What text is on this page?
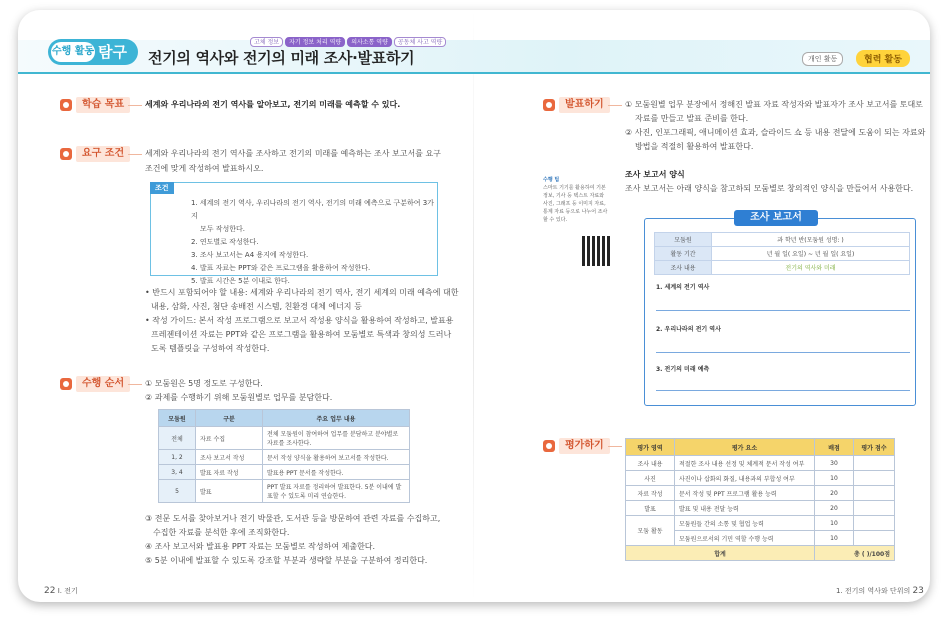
수행 활동 탐구 전기의 역사와 전기의 미래 조사·발표하기
고체 정보	자기 정보 처리 역량	의사소통 역량	공동체 사고 역량
개인 활동	협력 활동
학습 목표	세계와 우리나라의 전기 역사를 알아보고, 전기의 미래를 예측할 수 있다.
요구 조건	세계와 우리나라의 전기 역사를 조사하고 전기의 미래를 예측하는 조사 보고서를 요구
조건에 맞게 작성하여 발표하시오.
조건
1. 세계의 전기 역사, 우리나라의 전기 역사, 전기의 미래 예측으로 구분하여 3가지
모두 작성한다.
2. 연도별로 작성한다.
3. 조사 보고서는 A4 용지에 작성한다.
4. 발표 자료는 PPT와 같은 프로그램을 활용하여 작성한다.
5. 발표 시간은 5분 이내로 한다.
• 반드시 포함되어야 할 내용: 세계와 우리나라의 전기 역사, 전기 세계의 미래 예측에 대한
내용, 삼화, 사진, 첨단 송배전 시스템, 친환경 대체 에너지 등
• 작성 가이드: 본서 작성 프로그램으로 보고서 작성용 양식을 활용하여 작성하고, 발표용
프레젠테이션 자료는 PPT와 같은 프로그램을 활용하여 모둠별로 특색과 창의성 드러나
도록 템플릿을 구성하여 작성한다.
수행 순서	① 모둠원은 5명 정도로 구성한다.
② 과제를 수행하기 위해 모둠원별로 업무를 분담한다.
모둠원	구분	주요 업무 내용
전체	자료 수집	전체 모둠원이 참여하여 업무를 분담하고 분야별로 자료를 조사한다.
1, 2	조사 보고서 작성	문서 작성 양식을 활용하여 보고서를 작성한다.
3, 4	발표 자료 작성	발표용 PPT 문서를 작성한다.
5	발표	PPT 발표 자료를 정리하여 발표한다. 5분 이내에 발표할 수 있도록 미리 연습한다.
③ 전문 도서를 찾아보거나 전기 박물관, 도서관 등을 방문하여 관련 자료를 수집하고,
수집한 자료를 분석한 후에 조직화한다.
④ 조사 보고서와 발표용 PPT 자료는 모둠별로 작성하여 제출한다.
⑤ 5분 이내에 발표할 수 있도록 강조할 부분과 생략할 부분을 구분하여 정리한다.
22 I. 전기
발표하기	① 모둠원별 업무 분장에서 정해진 발표 자료 작성자와 발표자가 조사 보고서를 토대로
자료를 만들고 발표 준비를 한다.
② 사진, 인포그래픽, 애니메이션 효과, 슬라이드 쇼 등 내용 전달에 도움이 되는 자료와
방법을 적절히 활용하여 발표한다.
조사 보고서 양식
조사 보고서는 아래 양식을 참고하되 모둠별로 창의적인 양식을 만들어서 사용한다.
수행 팁
스마트 기기를 활용하여 기본
정보, 기사 등 텍스트 자료와
사진, 그래프 등 이미지 자료,
통계 자료 등으로 나누어 조사
할 수 있다.	조사 보고서
모둠원	과 학년 반(모둠원 성명: )
활동 기간	년 월 일( 요일) ~ 년 월 일( 요일)
조사 내용	전기의 역사와 미래
1. 세계의 전기 역사
2. 우리나라의 전기 역사
3. 전기의 미래 예측
평가하기	평가 영역	평가 요소	배점	평가 점수
조사 내용	적절한 조사 내용 선정 및 체계적 문서 작성 여부	30	
사진	사진이나 삽화의 화질, 내용과의 부합성 여부	10	
자료 작성	문서 작성 및 PPT 프로그램 활용 능력	20	
발표	발표 및 내용 전달 능력	20	
모둠 활동	모둠원들 간의 소통 및 협업 능력	10	
	모둠원으로서의 기민 역할 수행 능력	10	
합계		총 ( )/100점	
1. 전기의 역사와 단위의 23
